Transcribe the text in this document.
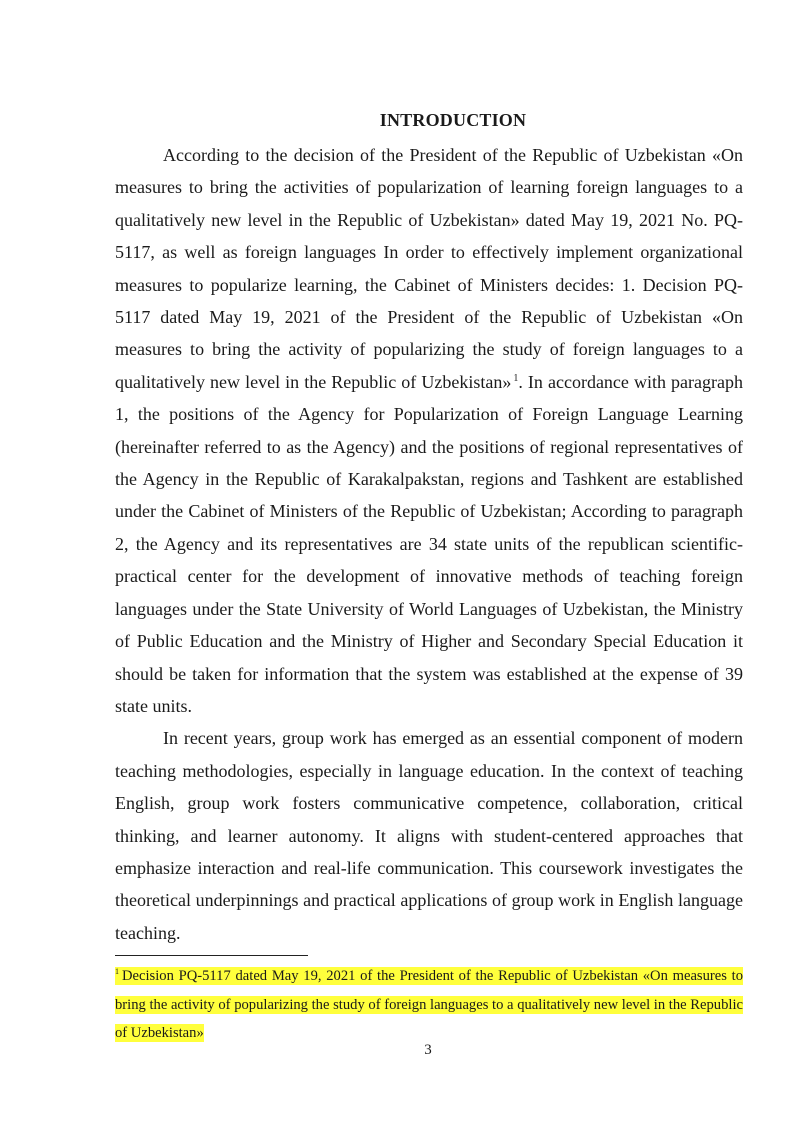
INTRODUCTION

According to the decision of the President of the Republic of Uzbekistan «On measures to bring the activities of popularization of learning foreign languages to a qualitatively new level in the Republic of Uzbekistan» dated May 19, 2021 No. PQ-5117, as well as foreign languages In order to effectively implement organizational measures to popularize learning, the Cabinet of Ministers decides: 1. Decision PQ-5117 dated May 19, 2021 of the President of the Republic of Uzbekistan «On measures to bring the activity of popularizing the study of foreign languages to a qualitatively new level in the Republic of Uzbekistan» $^1$. In accordance with paragraph 1, the positions of the Agency for Popularization of Foreign Language Learning (hereinafter referred to as the Agency) and the positions of regional representatives of the Agency in the Republic of Karakalpakstan, regions and Tashkent are established under the Cabinet of Ministers of the Republic of Uzbekistan; According to paragraph 2, the Agency and its representatives are 34 state units of the republican scientific-practical center for the development of innovative methods of teaching foreign languages under the State University of World Languages of Uzbekistan, the Ministry of Public Education and the Ministry of Higher and Secondary Special Education it should be taken for information that the system was established at the expense of 39 state units.

In recent years, group work has emerged as an essential component of modern teaching methodologies, especially in language education. In the context of teaching English, group work fosters communicative competence, collaboration, critical thinking, and learner autonomy. It aligns with student-centered approaches that emphasize interaction and real-life communication. This coursework investigates the theoretical underpinnings and practical applications of group work in English language teaching.

$^1$ Decision PQ-5117 dated May 19, 2021 of the President of the Republic of Uzbekistan «On measures to bring the activity of popularizing the study of foreign languages to a qualitatively new level in the Republic of Uzbekistan»
3
